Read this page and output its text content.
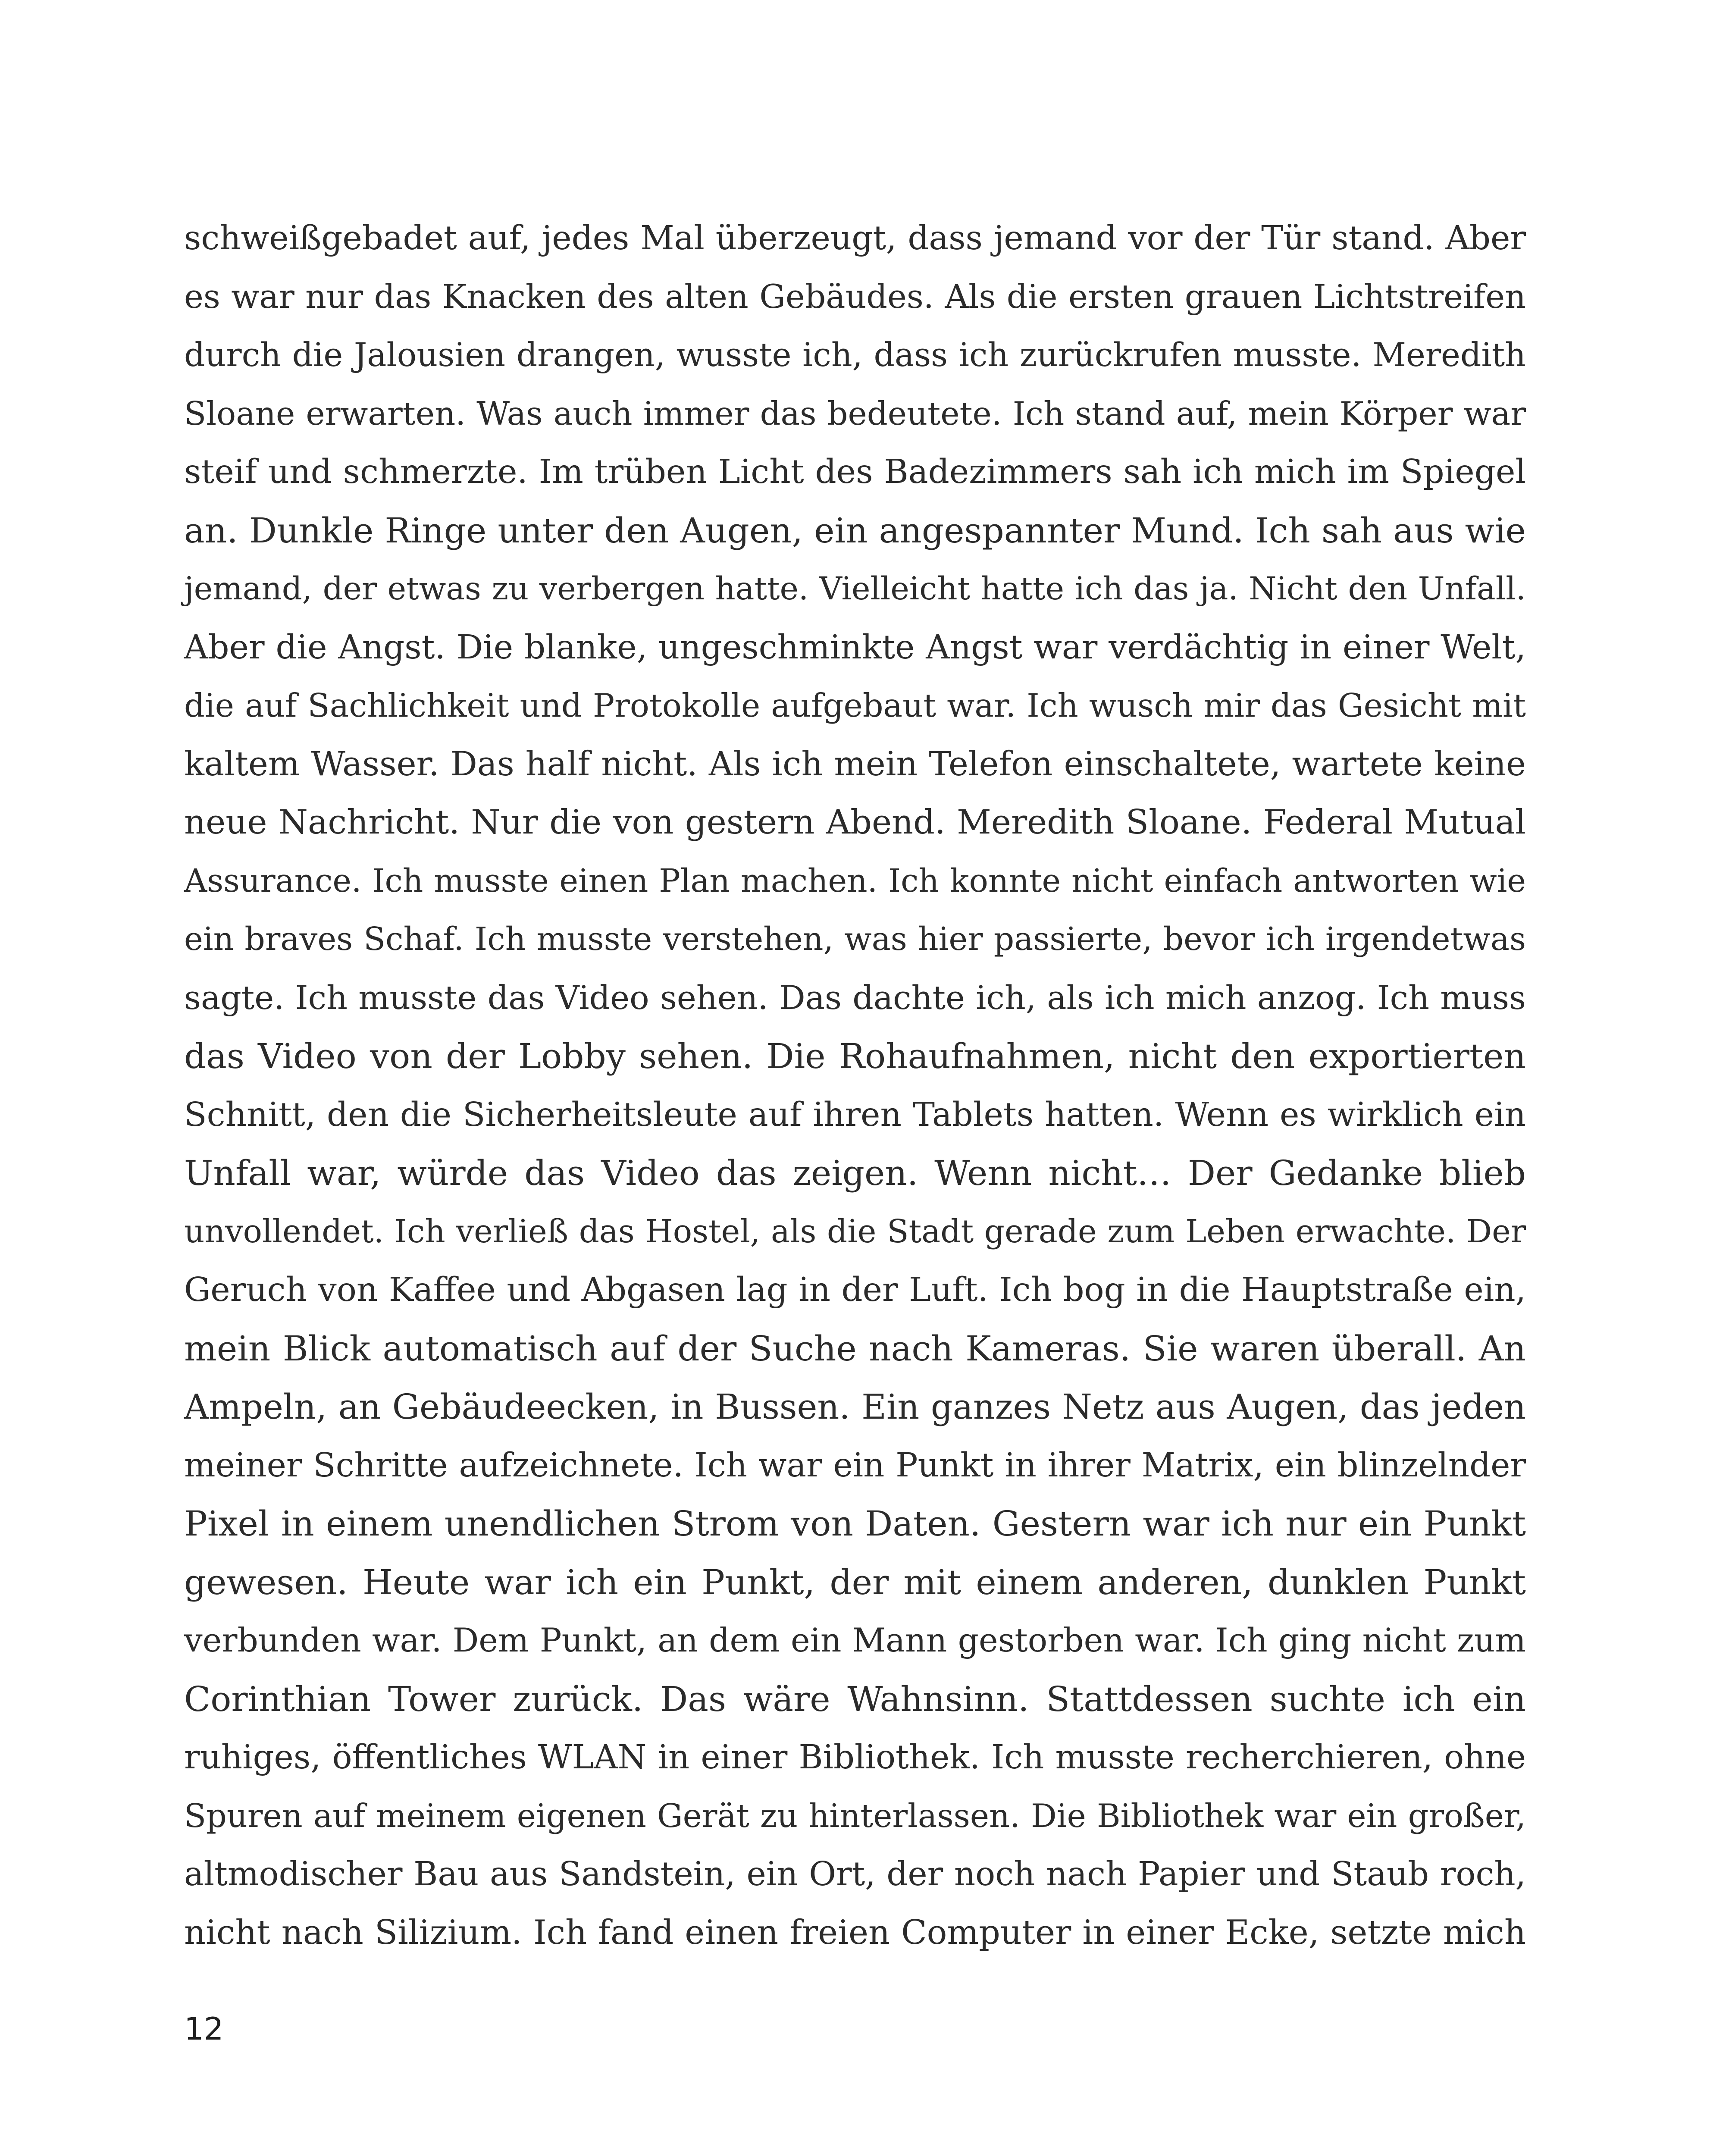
schweißgebadet auf, jedes Mal überzeugt, dass jemand vor der Tür stand. Aber
es war nur das Knacken des alten Gebäudes. Als die ersten grauen Lichtstreifen
durch die Jalousien drangen, wusste ich, dass ich zurückrufen musste. Meredith
Sloane erwarten. Was auch immer das bedeutete. Ich stand auf, mein Körper war
steif und schmerzte. Im trüben Licht des Badezimmers sah ich mich im Spiegel
an. Dunkle Ringe unter den Augen, ein angespannter Mund. Ich sah aus wie
jemand, der etwas zu verbergen hatte. Vielleicht hatte ich das ja. Nicht den Unfall.
Aber die Angst. Die blanke, ungeschminkte Angst war verdächtig in einer Welt,
die auf Sachlichkeit und Protokolle aufgebaut war. Ich wusch mir das Gesicht mit
kaltem Wasser. Das half nicht. Als ich mein Telefon einschaltete, wartete keine
neue Nachricht. Nur die von gestern Abend. Meredith Sloane. Federal Mutual
Assurance. Ich musste einen Plan machen. Ich konnte nicht einfach antworten wie
ein braves Schaf. Ich musste verstehen, was hier passierte, bevor ich irgendetwas
sagte. Ich musste das Video sehen. Das dachte ich, als ich mich anzog. Ich muss
das Video von der Lobby sehen. Die Rohaufnahmen, nicht den exportierten
Schnitt, den die Sicherheitsleute auf ihren Tablets hatten. Wenn es wirklich ein
Unfall war, würde das Video das zeigen. Wenn nicht… Der Gedanke blieb
unvollendet. Ich verließ das Hostel, als die Stadt gerade zum Leben erwachte. Der
Geruch von Kaffee und Abgasen lag in der Luft. Ich bog in die Hauptstraße ein,
mein Blick automatisch auf der Suche nach Kameras. Sie waren überall. An
Ampeln, an Gebäudeecken, in Bussen. Ein ganzes Netz aus Augen, das jeden
meiner Schritte aufzeichnete. Ich war ein Punkt in ihrer Matrix, ein blinzelnder
Pixel in einem unendlichen Strom von Daten. Gestern war ich nur ein Punkt
gewesen. Heute war ich ein Punkt, der mit einem anderen, dunklen Punkt
verbunden war. Dem Punkt, an dem ein Mann gestorben war. Ich ging nicht zum
Corinthian Tower zurück. Das wäre Wahnsinn. Stattdessen suchte ich ein
ruhiges, öffentliches WLAN in einer Bibliothek. Ich musste recherchieren, ohne
Spuren auf meinem eigenen Gerät zu hinterlassen. Die Bibliothek war ein großer,
altmodischer Bau aus Sandstein, ein Ort, der noch nach Papier und Staub roch,
nicht nach Silizium. Ich fand einen freien Computer in einer Ecke, setzte mich
12
